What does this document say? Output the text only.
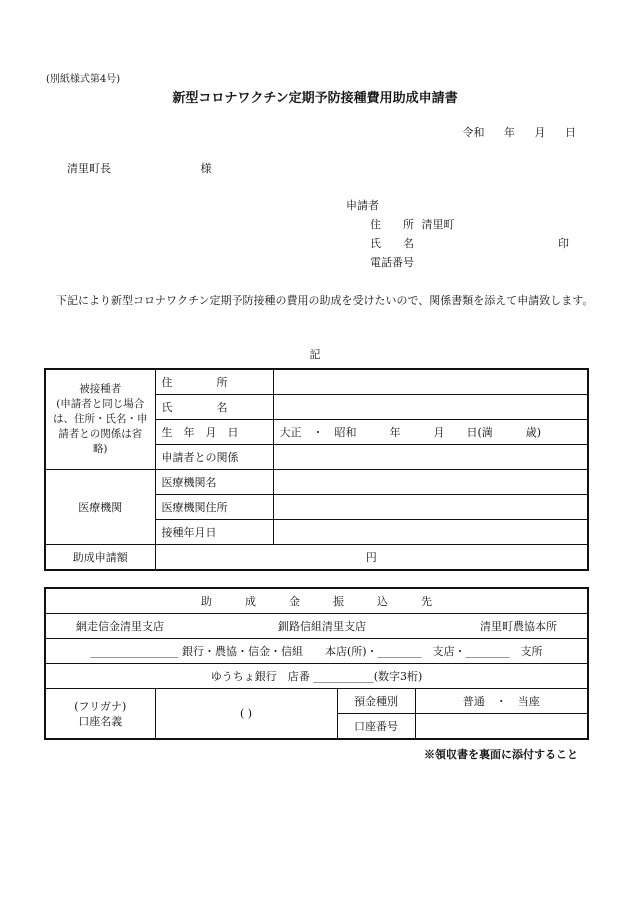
(別紙様式第4号)
新型コロナワクチン定期予防接種費用助成申請書
令和 年 月 日
清里町長	様
申請者
住　　所 清里町
氏　　名	印
電話番号
下記により新型コロナワクチン定期予防接種の費用の助成を受けたいので、関係書類を添えて申請致します。
記
被接種者
(申請者と同じ場合は、住所・氏名・申請者との関係は省略)	住　　　　所	
	氏　　　　名	
	生　年　月　日	大正　・　昭和　　　年　　　月　　日(満　　　歳)
	申請者との関係	
医療機関	医療機関名	
	医療機関住所	
	接種年月日	
助成申請額	円	
助　　　成　　　金　　　振　　　込　　　先			

網走信金清里支店 釧路信組清里支店 清里町農協本所			

________________ 銀行・農協・信金・信組　　本店(所)・________　支店・________　支所			
ゆうちょ銀行　店番 ___________(数字3桁)			
(フリガナ)
口座名義	( )	預金種別	普通　・　当座
		口座番号	
※領収書を裏面に添付すること
